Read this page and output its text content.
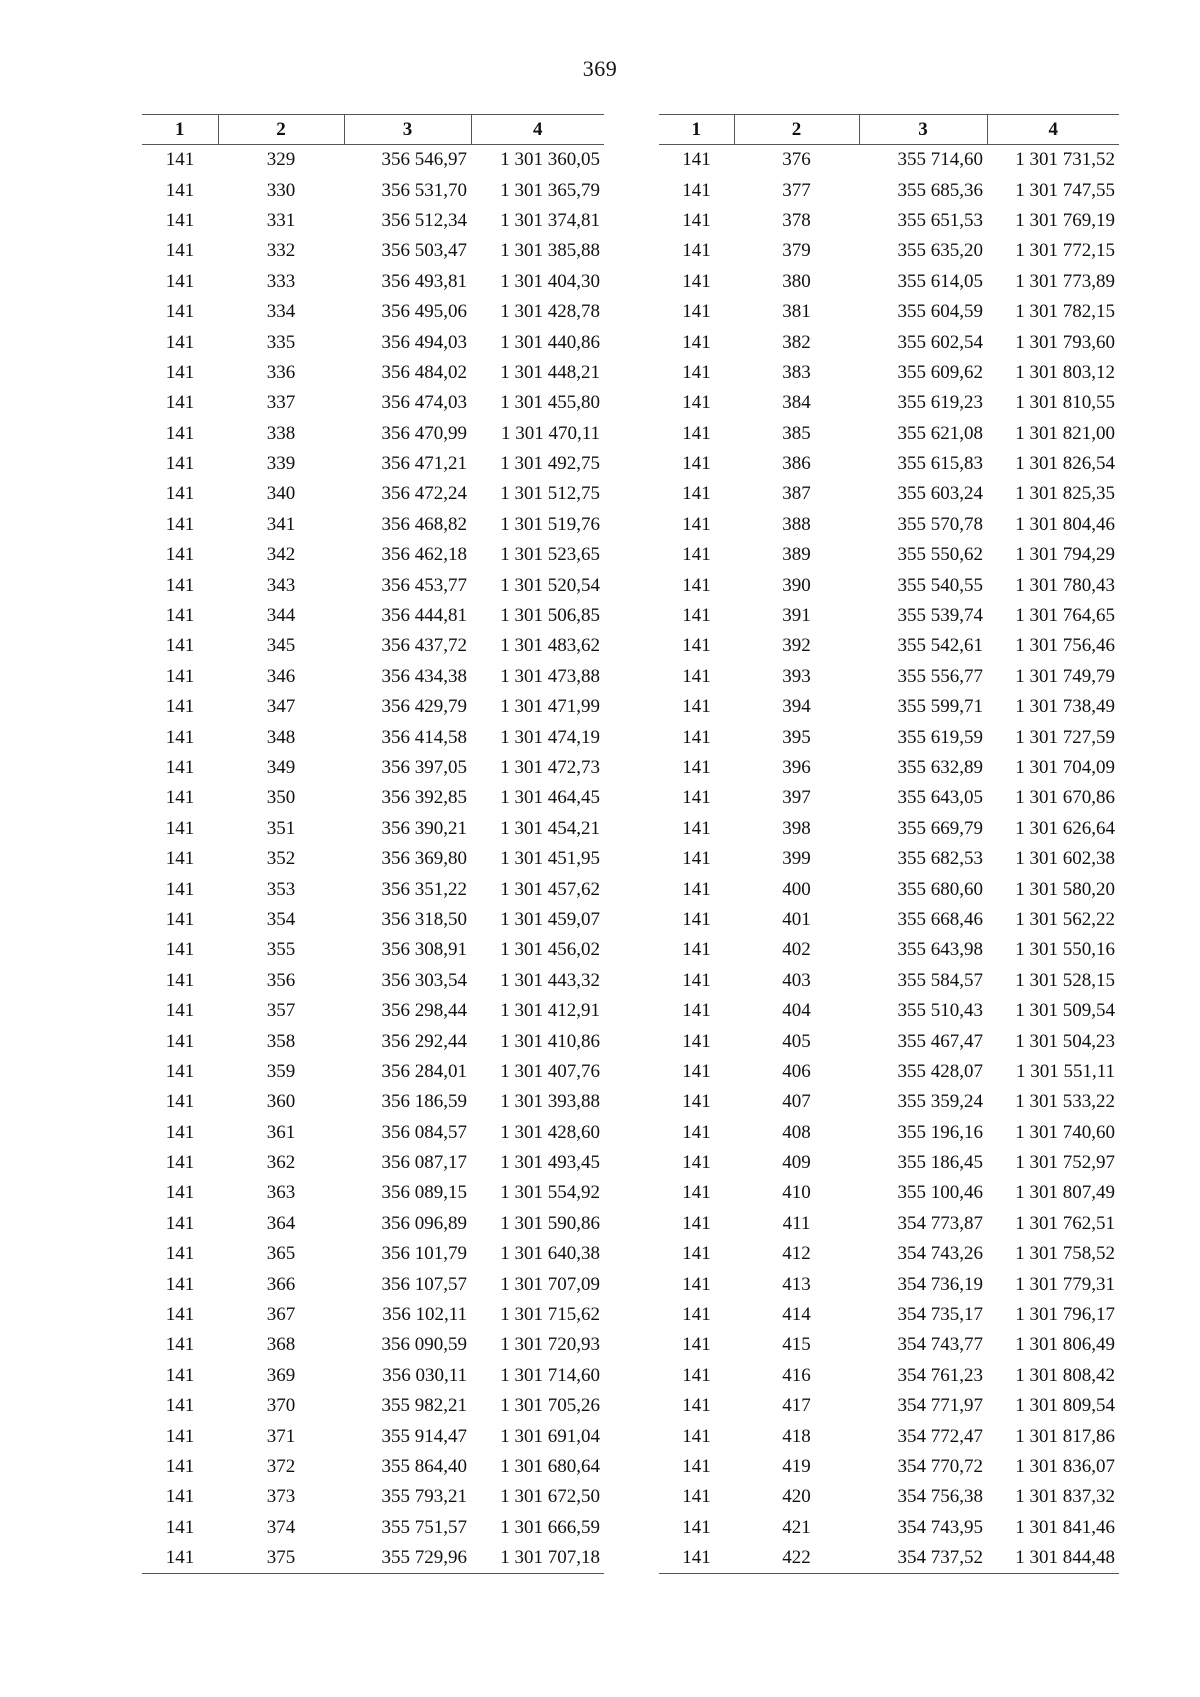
369
1	2	3	4
141	329	356 546,97	1 301 360,05
141	330	356 531,70	1 301 365,79
141	331	356 512,34	1 301 374,81
141	332	356 503,47	1 301 385,88
141	333	356 493,81	1 301 404,30
141	334	356 495,06	1 301 428,78
141	335	356 494,03	1 301 440,86
141	336	356 484,02	1 301 448,21
141	337	356 474,03	1 301 455,80
141	338	356 470,99	1 301 470,11
141	339	356 471,21	1 301 492,75
141	340	356 472,24	1 301 512,75
141	341	356 468,82	1 301 519,76
141	342	356 462,18	1 301 523,65
141	343	356 453,77	1 301 520,54
141	344	356 444,81	1 301 506,85
141	345	356 437,72	1 301 483,62
141	346	356 434,38	1 301 473,88
141	347	356 429,79	1 301 471,99
141	348	356 414,58	1 301 474,19
141	349	356 397,05	1 301 472,73
141	350	356 392,85	1 301 464,45
141	351	356 390,21	1 301 454,21
141	352	356 369,80	1 301 451,95
141	353	356 351,22	1 301 457,62
141	354	356 318,50	1 301 459,07
141	355	356 308,91	1 301 456,02
141	356	356 303,54	1 301 443,32
141	357	356 298,44	1 301 412,91
141	358	356 292,44	1 301 410,86
141	359	356 284,01	1 301 407,76
141	360	356 186,59	1 301 393,88
141	361	356 084,57	1 301 428,60
141	362	356 087,17	1 301 493,45
141	363	356 089,15	1 301 554,92
141	364	356 096,89	1 301 590,86
141	365	356 101,79	1 301 640,38
141	366	356 107,57	1 301 707,09
141	367	356 102,11	1 301 715,62
141	368	356 090,59	1 301 720,93
141	369	356 030,11	1 301 714,60
141	370	355 982,21	1 301 705,26
141	371	355 914,47	1 301 691,04
141	372	355 864,40	1 301 680,64
141	373	355 793,21	1 301 672,50
141	374	355 751,57	1 301 666,59
141	375	355 729,96	1 301 707,18
1	2	3	4
141	376	355 714,60	1 301 731,52
141	377	355 685,36	1 301 747,55
141	378	355 651,53	1 301 769,19
141	379	355 635,20	1 301 772,15
141	380	355 614,05	1 301 773,89
141	381	355 604,59	1 301 782,15
141	382	355 602,54	1 301 793,60
141	383	355 609,62	1 301 803,12
141	384	355 619,23	1 301 810,55
141	385	355 621,08	1 301 821,00
141	386	355 615,83	1 301 826,54
141	387	355 603,24	1 301 825,35
141	388	355 570,78	1 301 804,46
141	389	355 550,62	1 301 794,29
141	390	355 540,55	1 301 780,43
141	391	355 539,74	1 301 764,65
141	392	355 542,61	1 301 756,46
141	393	355 556,77	1 301 749,79
141	394	355 599,71	1 301 738,49
141	395	355 619,59	1 301 727,59
141	396	355 632,89	1 301 704,09
141	397	355 643,05	1 301 670,86
141	398	355 669,79	1 301 626,64
141	399	355 682,53	1 301 602,38
141	400	355 680,60	1 301 580,20
141	401	355 668,46	1 301 562,22
141	402	355 643,98	1 301 550,16
141	403	355 584,57	1 301 528,15
141	404	355 510,43	1 301 509,54
141	405	355 467,47	1 301 504,23
141	406	355 428,07	1 301 551,11
141	407	355 359,24	1 301 533,22
141	408	355 196,16	1 301 740,60
141	409	355 186,45	1 301 752,97
141	410	355 100,46	1 301 807,49
141	411	354 773,87	1 301 762,51
141	412	354 743,26	1 301 758,52
141	413	354 736,19	1 301 779,31
141	414	354 735,17	1 301 796,17
141	415	354 743,77	1 301 806,49
141	416	354 761,23	1 301 808,42
141	417	354 771,97	1 301 809,54
141	418	354 772,47	1 301 817,86
141	419	354 770,72	1 301 836,07
141	420	354 756,38	1 301 837,32
141	421	354 743,95	1 301 841,46
141	422	354 737,52	1 301 844,48
